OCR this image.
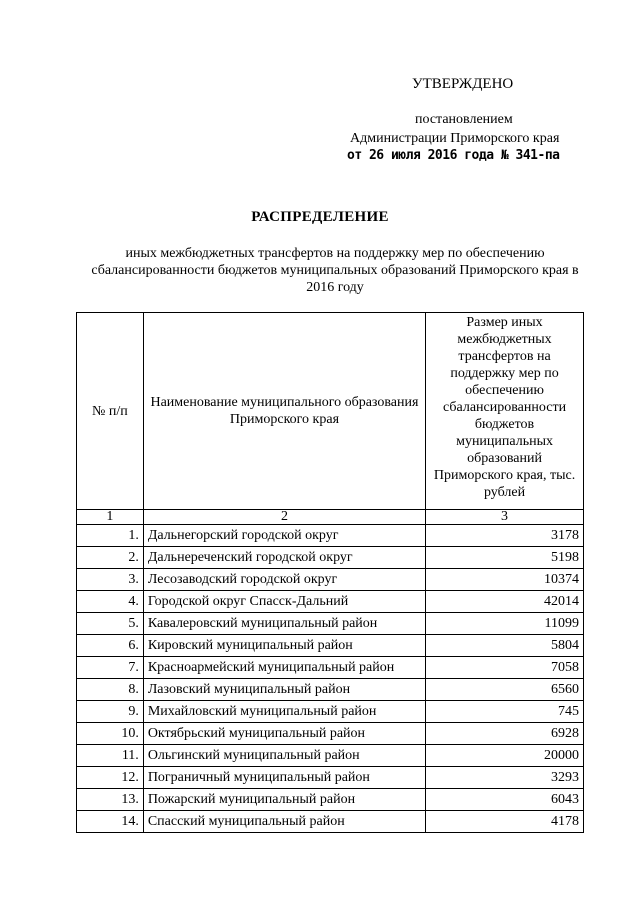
УТВЕРЖДЕНО
постановлением
Администрации Приморского края
от 26 июля 2016 года № 341-па
РАСПРЕДЕЛЕНИЕ
иных межбюджетных трансфертов на поддержку мер по обеспечению сбалансированности бюджетов муниципальных образований Приморского края в 2016 году
№ п/п	Наименование муниципального образования Приморского края	Размер иных межбюджетных трансфертов на поддержку мер по обеспечению сбалансированности бюджетов муниципальных образований Приморского края, тыс. рублей
1	2	3
1.	Дальнегорский городской округ	3178
2.	Дальнереченский городской округ	5198
3.	Лесозаводский городской округ	10374
4.	Городской округ Спасск-Дальний	42014
5.	Кавалеровский муниципальный район	11099
6.	Кировский муниципальный район	5804
7.	Красноармейский муниципальный район	7058
8.	Лазовский муниципальный район	6560
9.	Михайловский муниципальный район	745
10.	Октябрьский муниципальный район	6928
11.	Ольгинский муниципальный район	20000
12.	Пограничный муниципальный район	3293
13.	Пожарский муниципальный район	6043
14.	Спасский муниципальный район	4178
